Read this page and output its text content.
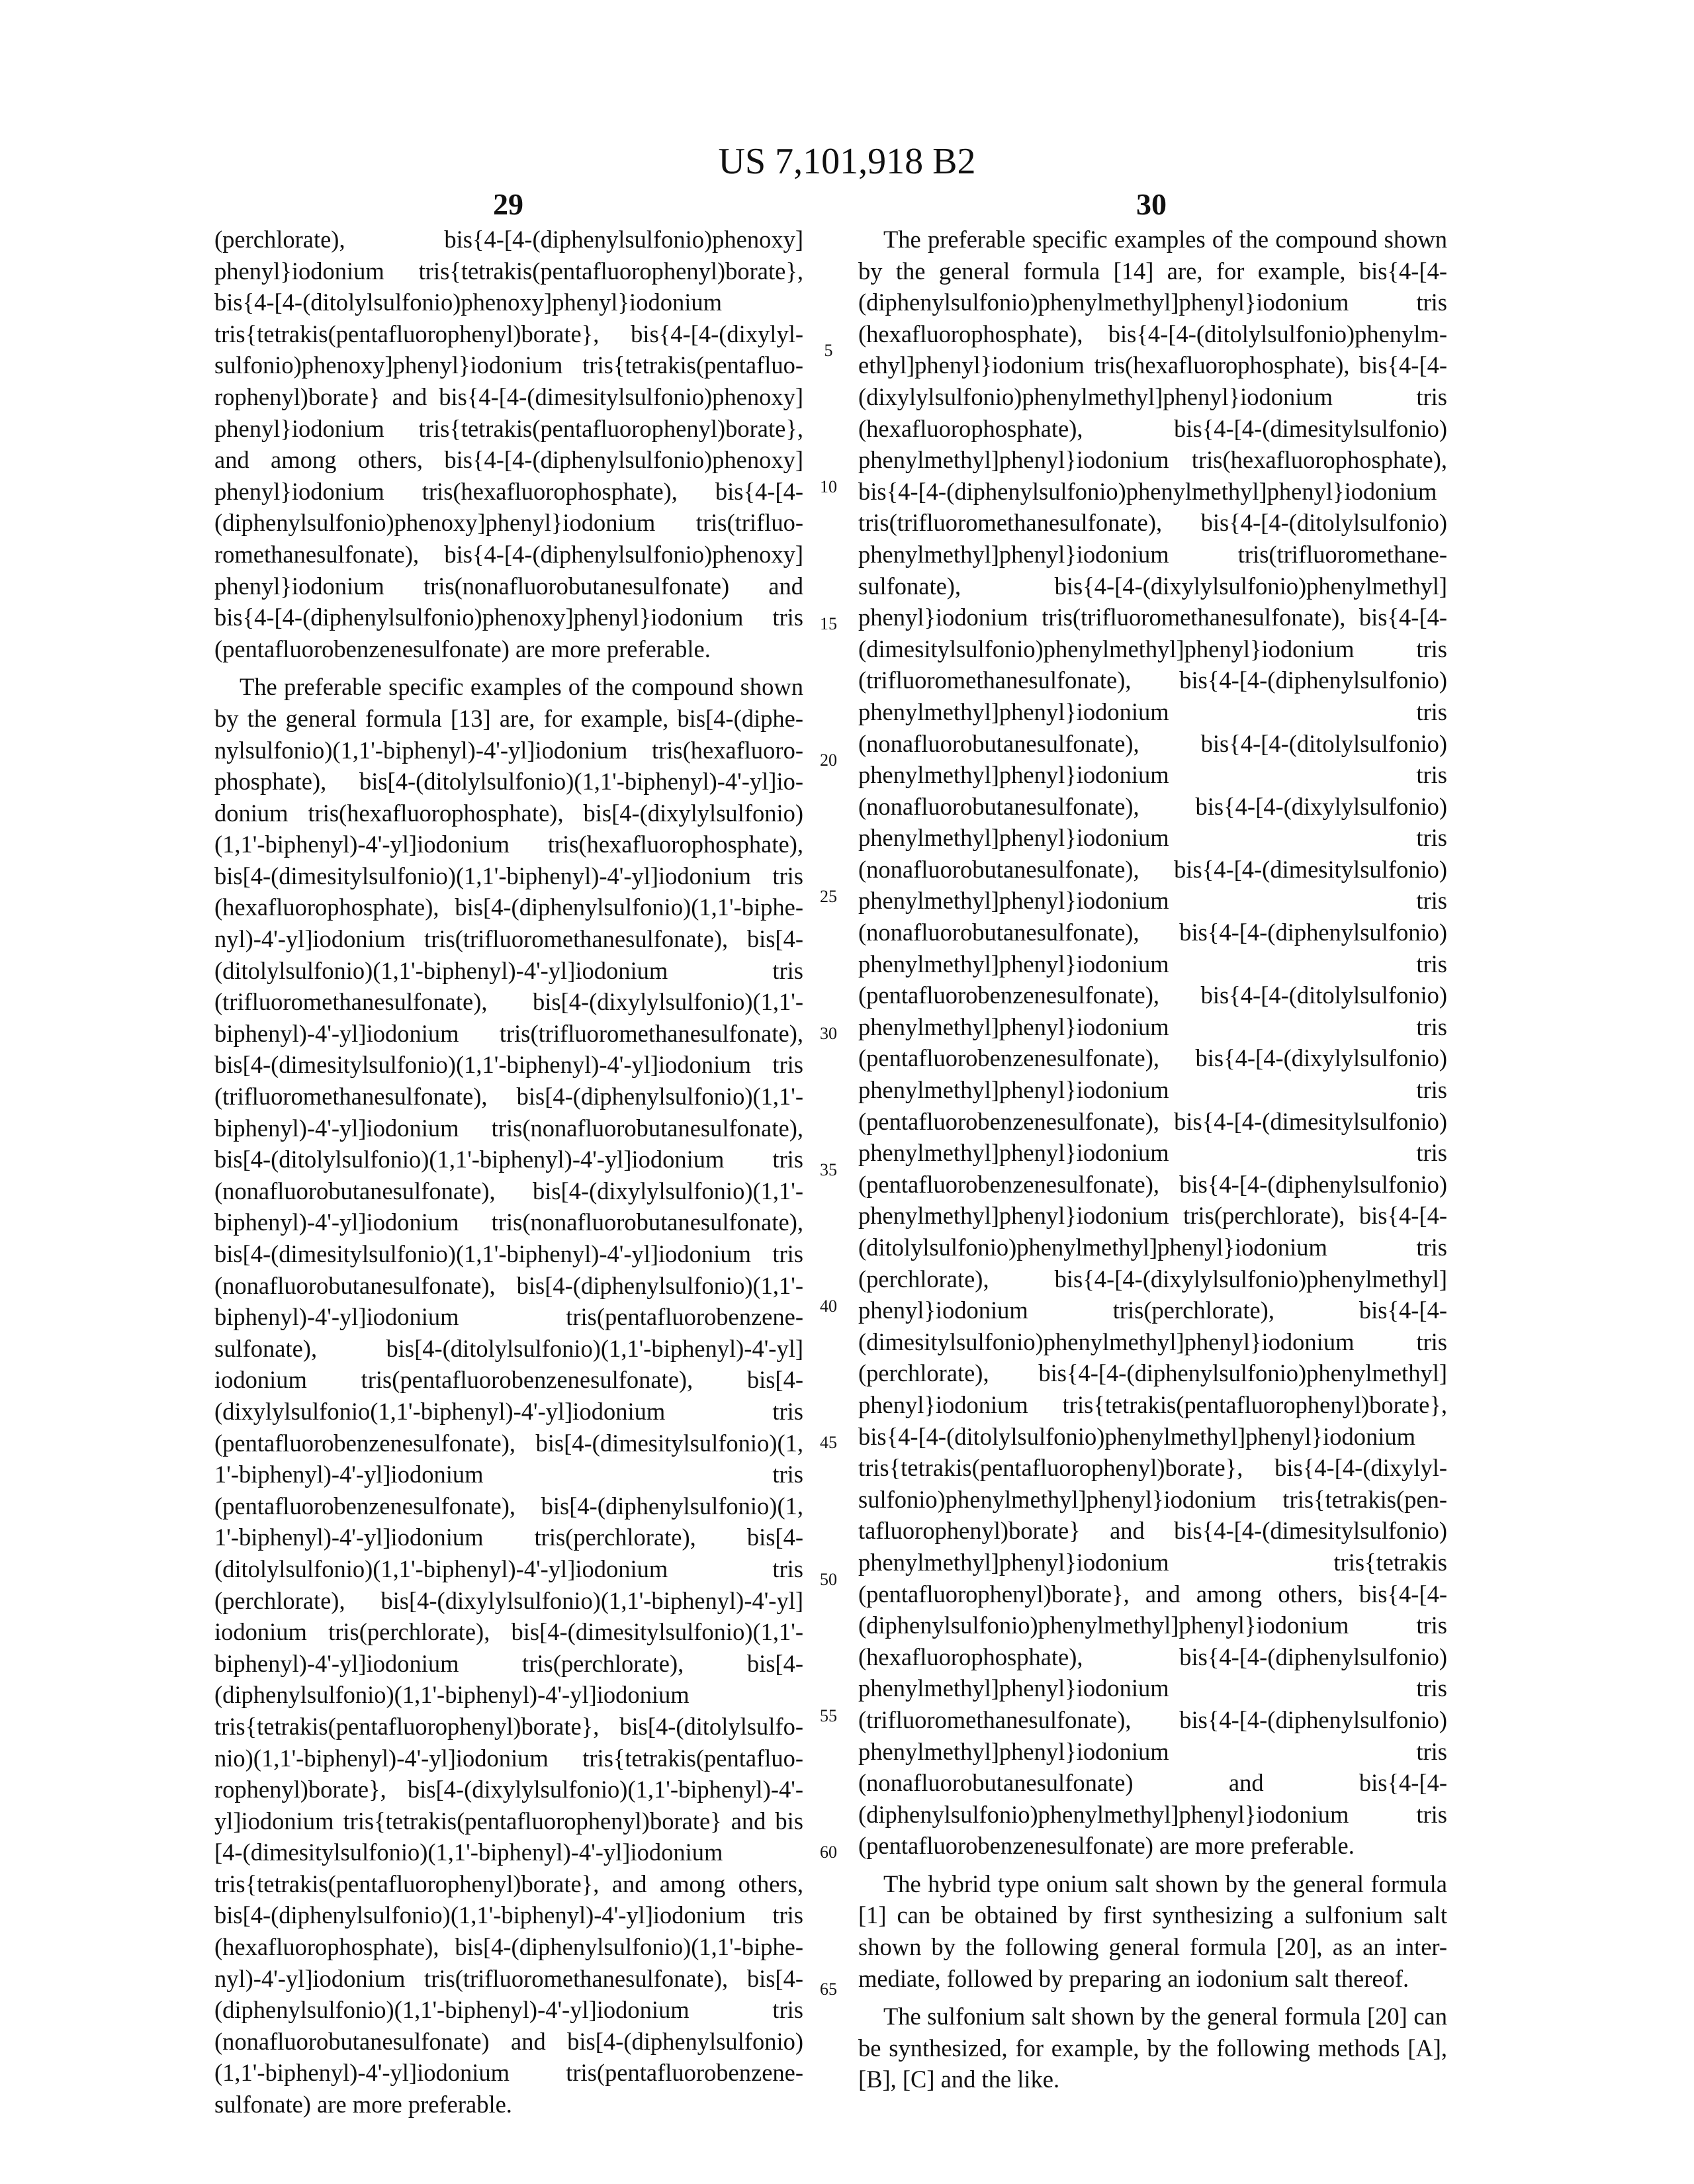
US 7,101,918 B2
29	30
(perchlorate), bis{4-[4-(diphenylsulfonio)phenoxy]
phenyl}iodonium tris{tetrakis(pentafluorophenyl)borate},
bis{4-[4-(ditolylsulfonio)phenoxy]phenyl}iodonium
tris{tetrakis(pentafluorophenyl)borate}, bis{4-[4-(dixylyl-
sulfonio)phenoxy]phenyl}iodonium tris{tetrakis(pentafluo-
rophenyl)borate} and bis{4-[4-(dimesitylsulfonio)phenoxy]
phenyl}iodonium tris{tetrakis(pentafluorophenyl)borate},
and among others, bis{4-[4-(diphenylsulfonio)phenoxy]
phenyl}iodonium tris(hexafluorophosphate), bis{4-[4-
(diphenylsulfonio)phenoxy]phenyl}iodonium tris(trifluo-
romethanesulfonate), bis{4-[4-(diphenylsulfonio)phenoxy]
phenyl}iodonium tris(nonafluorobutanesulfonate) and
bis{4-[4-(diphenylsulfonio)phenoxy]phenyl}iodonium tris
(pentafluorobenzenesulfonate) are more preferable.
The preferable specific examples of the compound shown
by the general formula [13] are, for example, bis[4-(diphe-
nylsulfonio)(1,1'-biphenyl)-4'-yl]iodonium tris(hexafluoro-
phosphate), bis[4-(ditolylsulfonio)(1,1'-biphenyl)-4'-yl]io-
donium tris(hexafluorophosphate), bis[4-(dixylylsulfonio)
(1,1'-biphenyl)-4'-yl]iodonium tris(hexafluorophosphate),
bis[4-(dimesitylsulfonio)(1,1'-biphenyl)-4'-yl]iodonium tris
(hexafluorophosphate), bis[4-(diphenylsulfonio)(1,1'-biphe-
nyl)-4'-yl]iodonium tris(trifluoromethanesulfonate), bis[4-
(ditolylsulfonio)(1,1'-biphenyl)-4'-yl]iodonium tris
(trifluoromethanesulfonate), bis[4-(dixylylsulfonio)(1,1'-
biphenyl)-4'-yl]iodonium tris(trifluoromethanesulfonate),
bis[4-(dimesitylsulfonio)(1,1'-biphenyl)-4'-yl]iodonium tris
(trifluoromethanesulfonate), bis[4-(diphenylsulfonio)(1,1'-
biphenyl)-4'-yl]iodonium tris(nonafluorobutanesulfonate),
bis[4-(ditolylsulfonio)(1,1'-biphenyl)-4'-yl]iodonium tris
(nonafluorobutanesulfonate), bis[4-(dixylylsulfonio)(1,1'-
biphenyl)-4'-yl]iodonium tris(nonafluorobutanesulfonate),
bis[4-(dimesitylsulfonio)(1,1'-biphenyl)-4'-yl]iodonium tris
(nonafluorobutanesulfonate), bis[4-(diphenylsulfonio)(1,1'-
biphenyl)-4'-yl]iodonium tris(pentafluorobenzene-
sulfonate), bis[4-(ditolylsulfonio)(1,1'-biphenyl)-4'-yl]
iodonium tris(pentafluorobenzenesulfonate), bis[4-
(dixylylsulfonio(1,1'-biphenyl)-4'-yl]iodonium tris
(pentafluorobenzenesulfonate), bis[4-(dimesitylsulfonio)(1,
1'-biphenyl)-4'-yl]iodonium tris
(pentafluorobenzenesulfonate), bis[4-(diphenylsulfonio)(1,
1'-biphenyl)-4'-yl]iodonium tris(perchlorate), bis[4-
(ditolylsulfonio)(1,1'-biphenyl)-4'-yl]iodonium tris
(perchlorate), bis[4-(dixylylsulfonio)(1,1'-biphenyl)-4'-yl]
iodonium tris(perchlorate), bis[4-(dimesitylsulfonio)(1,1'-
biphenyl)-4'-yl]iodonium tris(perchlorate), bis[4-
(diphenylsulfonio)(1,1'-biphenyl)-4'-yl]iodonium
tris{tetrakis(pentafluorophenyl)borate}, bis[4-(ditolylsulfo-
nio)(1,1'-biphenyl)-4'-yl]iodonium tris{tetrakis(pentafluo-
rophenyl)borate}, bis[4-(dixylylsulfonio)(1,1'-biphenyl)-4'-
yl]iodonium tris{tetrakis(pentafluorophenyl)borate} and bis
[4-(dimesitylsulfonio)(1,1'-biphenyl)-4'-yl]iodonium
tris{tetrakis(pentafluorophenyl)borate}, and among others,
bis[4-(diphenylsulfonio)(1,1'-biphenyl)-4'-yl]iodonium tris
(hexafluorophosphate), bis[4-(diphenylsulfonio)(1,1'-biphe-
nyl)-4'-yl]iodonium tris(trifluoromethanesulfonate), bis[4-
(diphenylsulfonio)(1,1'-biphenyl)-4'-yl]iodonium tris
(nonafluorobutanesulfonate) and bis[4-(diphenylsulfonio)
(1,1'-biphenyl)-4'-yl]iodonium tris(pentafluorobenzene-
sulfonate) are more preferable.
The preferable specific examples of the compound shown
by the general formula [14] are, for example, bis{4-[4-
(diphenylsulfonio)phenylmethyl]phenyl}iodonium tris
(hexafluorophosphate), bis{4-[4-(ditolylsulfonio)phenylm-
ethyl]phenyl}iodonium tris(hexafluorophosphate), bis{4-[4-
(dixylylsulfonio)phenylmethyl]phenyl}iodonium tris
(hexafluorophosphate), bis{4-[4-(dimesitylsulfonio)
phenylmethyl]phenyl}iodonium tris(hexafluorophosphate),
bis{4-[4-(diphenylsulfonio)phenylmethyl]phenyl}iodonium
tris(trifluoromethanesulfonate), bis{4-[4-(ditolylsulfonio)
phenylmethyl]phenyl}iodonium tris(trifluoromethane-
sulfonate), bis{4-[4-(dixylylsulfonio)phenylmethyl]
phenyl}iodonium tris(trifluoromethanesulfonate), bis{4-[4-
(dimesitylsulfonio)phenylmethyl]phenyl}iodonium tris
(trifluoromethanesulfonate), bis{4-[4-(diphenylsulfonio)
phenylmethyl]phenyl}iodonium tris
(nonafluorobutanesulfonate), bis{4-[4-(ditolylsulfonio)
phenylmethyl]phenyl}iodonium tris
(nonafluorobutanesulfonate), bis{4-[4-(dixylylsulfonio)
phenylmethyl]phenyl}iodonium tris
(nonafluorobutanesulfonate), bis{4-[4-(dimesitylsulfonio)
phenylmethyl]phenyl}iodonium tris
(nonafluorobutanesulfonate), bis{4-[4-(diphenylsulfonio)
phenylmethyl]phenyl}iodonium tris
(pentafluorobenzenesulfonate), bis{4-[4-(ditolylsulfonio)
phenylmethyl]phenyl}iodonium tris
(pentafluorobenzenesulfonate), bis{4-[4-(dixylylsulfonio)
phenylmethyl]phenyl}iodonium tris
(pentafluorobenzenesulfonate), bis{4-[4-(dimesitylsulfonio)
phenylmethyl]phenyl}iodonium tris
(pentafluorobenzenesulfonate), bis{4-[4-(diphenylsulfonio)
phenylmethyl]phenyl}iodonium tris(perchlorate), bis{4-[4-
(ditolylsulfonio)phenylmethyl]phenyl}iodonium tris
(perchlorate), bis{4-[4-(dixylylsulfonio)phenylmethyl]
phenyl}iodonium tris(perchlorate), bis{4-[4-
(dimesitylsulfonio)phenylmethyl]phenyl}iodonium tris
(perchlorate), bis{4-[4-(diphenylsulfonio)phenylmethyl]
phenyl}iodonium tris{tetrakis(pentafluorophenyl)borate},
bis{4-[4-(ditolylsulfonio)phenylmethyl]phenyl}iodonium
tris{tetrakis(pentafluorophenyl)borate}, bis{4-[4-(dixylyl-
sulfonio)phenylmethyl]phenyl}iodonium tris{tetrakis(pen-
tafluorophenyl)borate} and bis{4-[4-(dimesitylsulfonio)
phenylmethyl]phenyl}iodonium tris{tetrakis
(pentafluorophenyl)borate}, and among others, bis{4-[4-
(diphenylsulfonio)phenylmethyl]phenyl}iodonium tris
(hexafluorophosphate), bis{4-[4-(diphenylsulfonio)
phenylmethyl]phenyl}iodonium tris
(trifluoromethanesulfonate), bis{4-[4-(diphenylsulfonio)
phenylmethyl]phenyl}iodonium tris
(nonafluorobutanesulfonate) and bis{4-[4-
(diphenylsulfonio)phenylmethyl]phenyl}iodonium tris
(pentafluorobenzenesulfonate) are more preferable.
The hybrid type onium salt shown by the general formula
[1] can be obtained by first synthesizing a sulfonium salt
shown by the following general formula [20], as an inter-
mediate, followed by preparing an iodonium salt thereof.
The sulfonium salt shown by the general formula [20] can
be synthesized, for example, by the following methods [A],
[B], [C] and the like.
5
10
15
20
25
30
35
40
45
50
55
60
65
